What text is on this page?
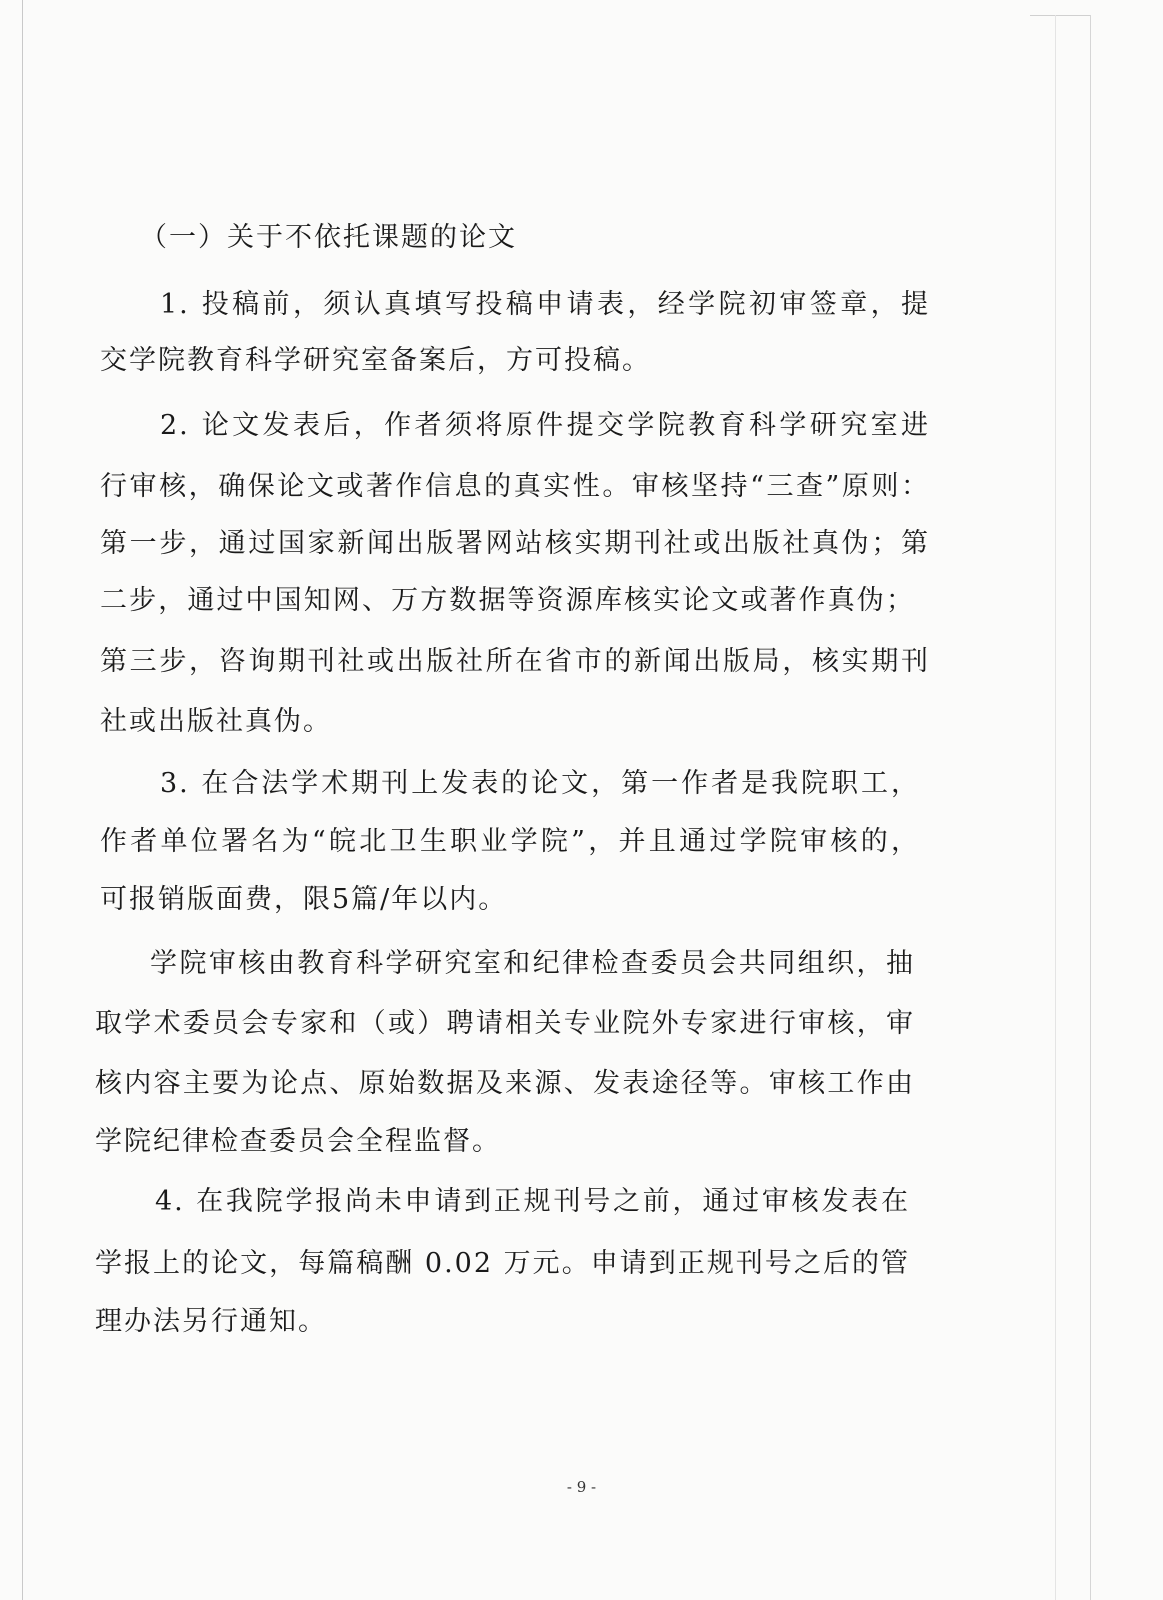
（一）关于不依托课题的论文
1. 投稿前，须认真填写投稿申请表，经学院初审签章，提
交学院教育科学研究室备案后，方可投稿。
2. 论文发表后，作者须将原件提交学院教育科学研究室进
行审核，确保论文或著作信息的真实性。审核坚持“三查”原则：
第一步，通过国家新闻出版署网站核实期刊社或出版社真伪；第
二步，通过中国知网、万方数据等资源库核实论文或著作真伪；
第三步，咨询期刊社或出版社所在省市的新闻出版局，核实期刊
社或出版社真伪。
3. 在合法学术期刊上发表的论文，第一作者是我院职工，
作者单位署名为“皖北卫生职业学院”，并且通过学院审核的，
可报销版面费，限5篇/年以内。
学院审核由教育科学研究室和纪律检查委员会共同组织，抽
取学术委员会专家和（或）聘请相关专业院外专家进行审核，审
核内容主要为论点、原始数据及来源、发表途径等。审核工作由
学院纪律检查委员会全程监督。
4. 在我院学报尚未申请到正规刊号之前，通过审核发表在
学报上的论文，每篇稿酬 0.02 万元。申请到正规刊号之后的管
理办法另行通知。
- 9 -
